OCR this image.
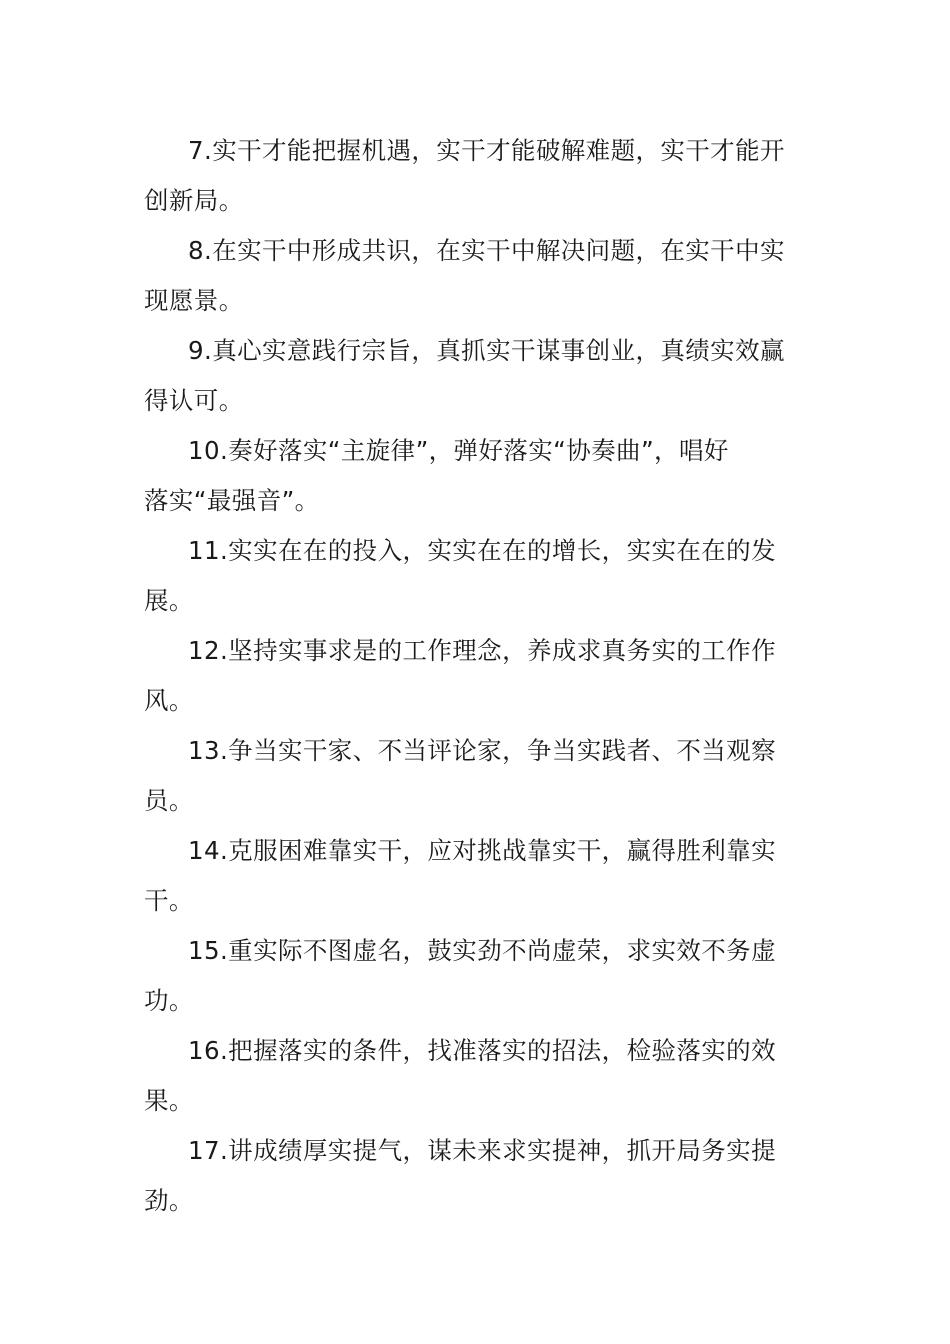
7.实干才能把握机遇，实干才能破解难题，实干才能开
创新局。

8.在实干中形成共识，在实干中解决问题，在实干中实
现愿景。

9.真心实意践行宗旨，真抓实干谋事创业，真绩实效赢
得认可。

10.奏好落实“主旋律”，弹好落实“协奏曲”，唱好
落实“最强音”。

11.实实在在的投入，实实在在的增长，实实在在的发
展。

12.坚持实事求是的工作理念，养成求真务实的工作作
风。

13.争当实干家、不当评论家，争当实践者、不当观察
员。

14.克服困难靠实干，应对挑战靠实干，赢得胜利靠实
干。

15.重实际不图虚名，鼓实劲不尚虚荣，求实效不务虚
功。

16.把握落实的条件，找准落实的招法，检验落实的效
果。

17.讲成绩厚实提气，谋未来求实提神，抓开局务实提
劲。
